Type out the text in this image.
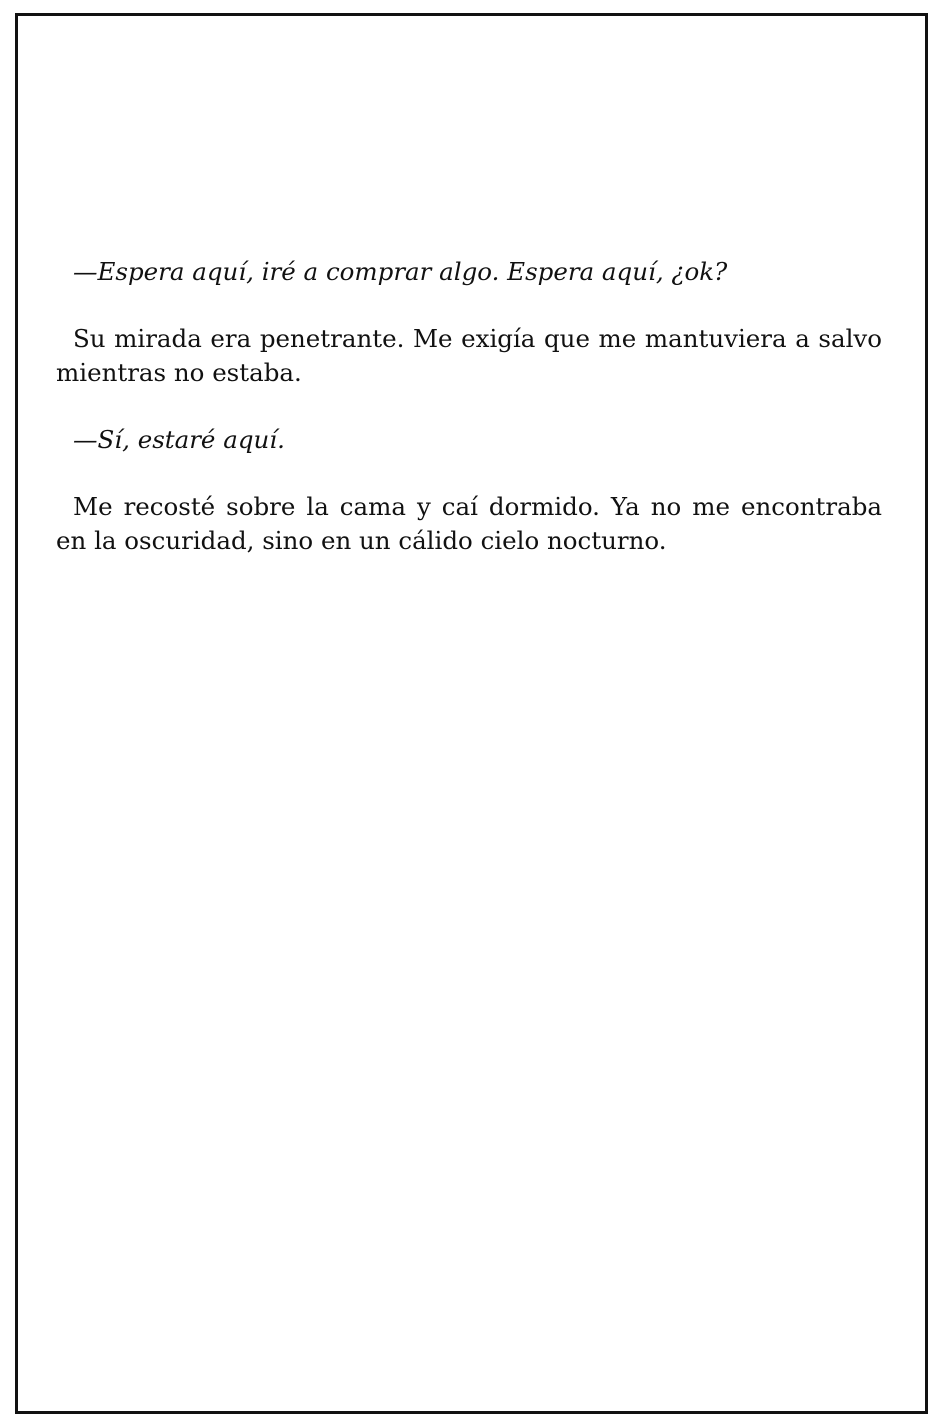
—Espera aquí, iré a comprar algo. Espera aquí, ¿ok?

Su mirada era penetrante. Me exigía que me mantuviera a salvo mientras no estaba.

—Sí, estaré aquí.

Me recosté sobre la cama y caí dormido. Ya no me encontraba en la oscuridad, sino en un cálido cielo nocturno.
